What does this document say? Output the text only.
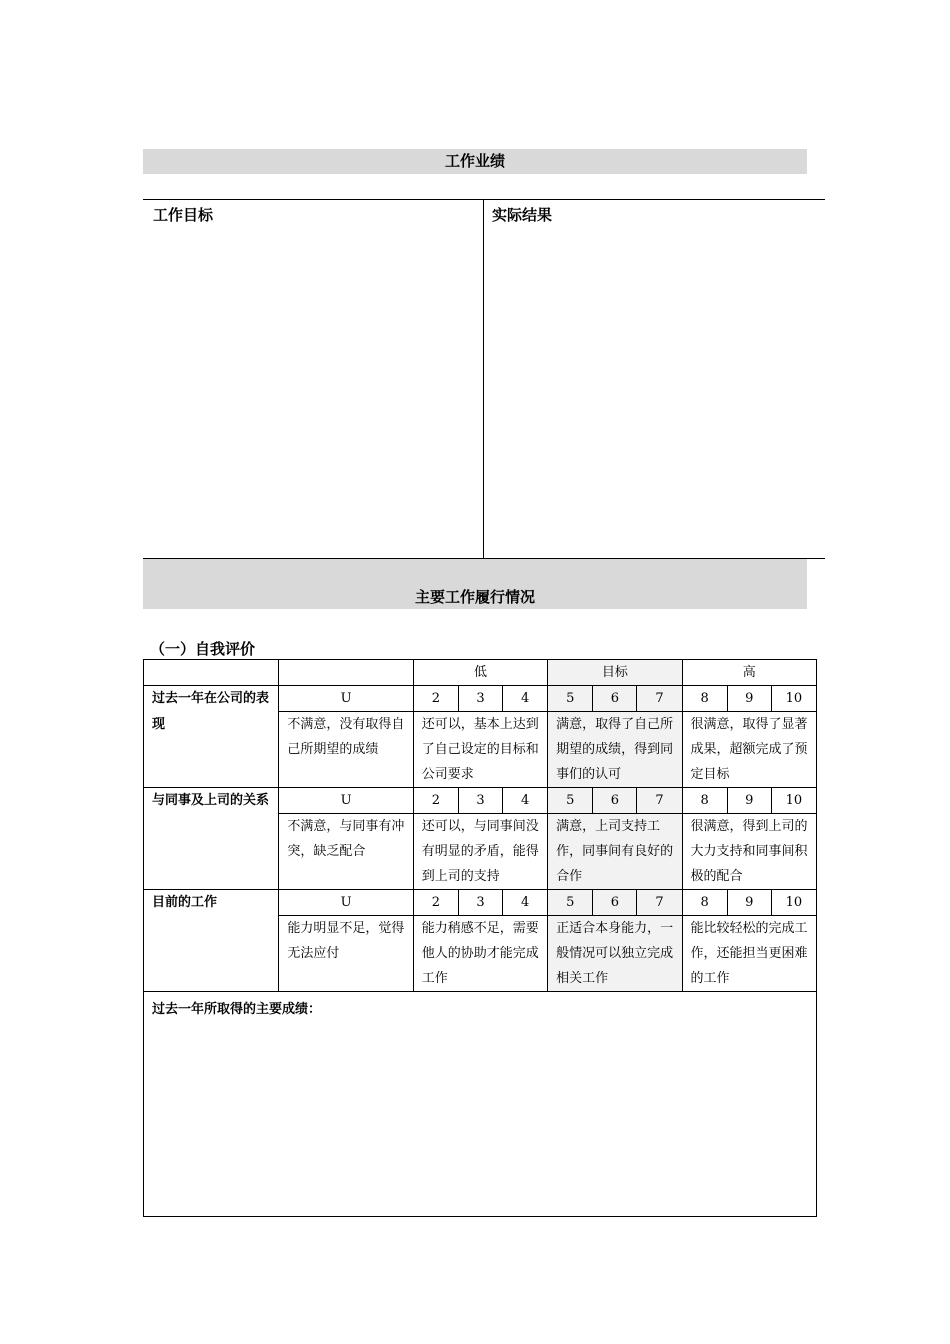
工作业绩
工作目标	实际结果
主要工作履行情况
（一）自我评价
		低			目标			高		
过去一年在公司的表现	U	2	3	4	5	6	7	8	9	10
	不满意，没有取得自己所期望的成绩	还可以，基本上达到了自己设定的目标和公司要求			满意，取得了自己所期望的成绩，得到同事们的认可			很满意，取得了显著成果，超额完成了预定目标		
与同事及上司的关系	U	2	3	4	5	6	7	8	9	10
	不满意，与同事有冲突，缺乏配合	还可以，与同事间没有明显的矛盾，能得到上司的支持			满意，上司支持工作，同事间有良好的合作			很满意，得到上司的大力支持和同事间积极的配合		
目前的工作	U	2	3	4	5	6	7	8	9	10
	能力明显不足，觉得无法应付	能力稍感不足，需要他人的协助才能完成工作			正适合本身能力，一般情况可以独立完成相关工作			能比较轻松的完成工作，还能担当更困难的工作		
过去一年所取得的主要成绩：										
